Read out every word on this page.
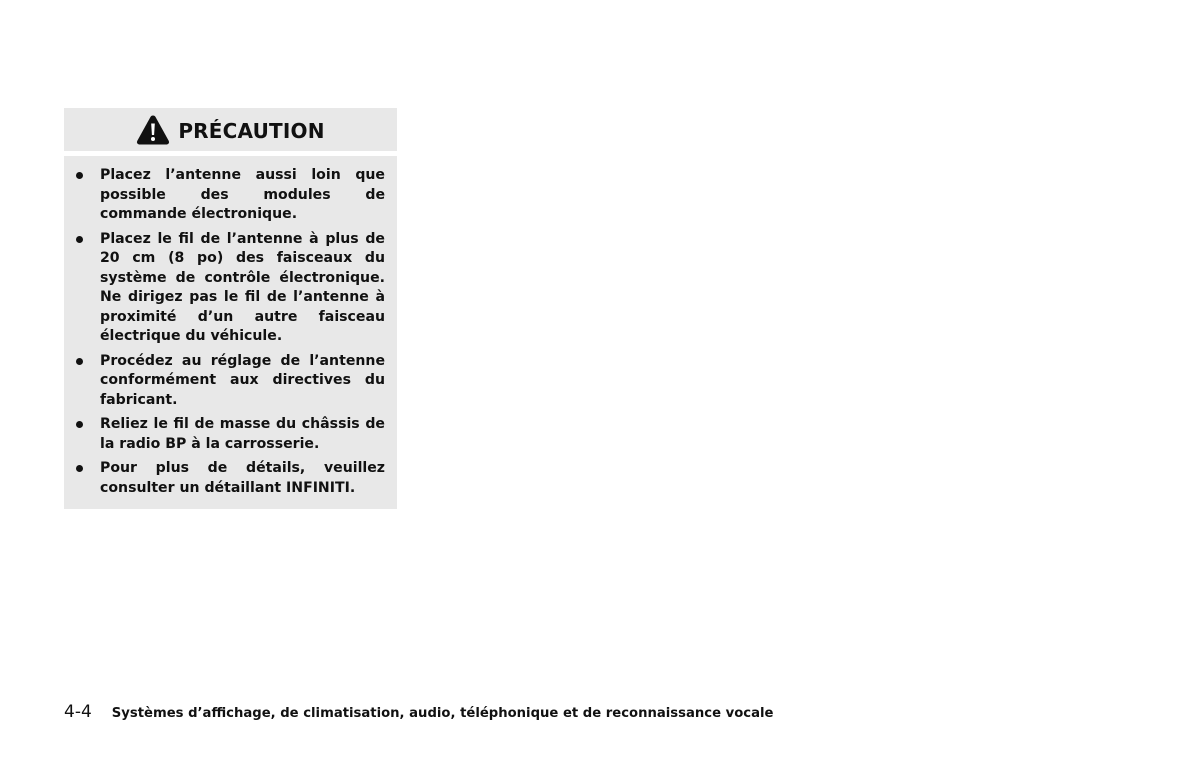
PRÉCAUTION
Placez l’antenne aussi loin que possible des modules de commande électronique.
Placez le fil de l’antenne à plus de 20 cm (8 po) des faisceaux du système de contrôle électronique. Ne dirigez pas le fil de l’antenne à proximité d’un autre faisceau électrique du véhicule.
Procédez au réglage de l’antenne conformément aux directives du fabricant.
Reliez le fil de masse du châssis de la radio BP à la carrosserie.
Pour plus de détails, veuillez consulter un détaillant INFINITI.
4-4 Systèmes d’affichage, de climatisation, audio, téléphonique et de reconnaissance vocale
